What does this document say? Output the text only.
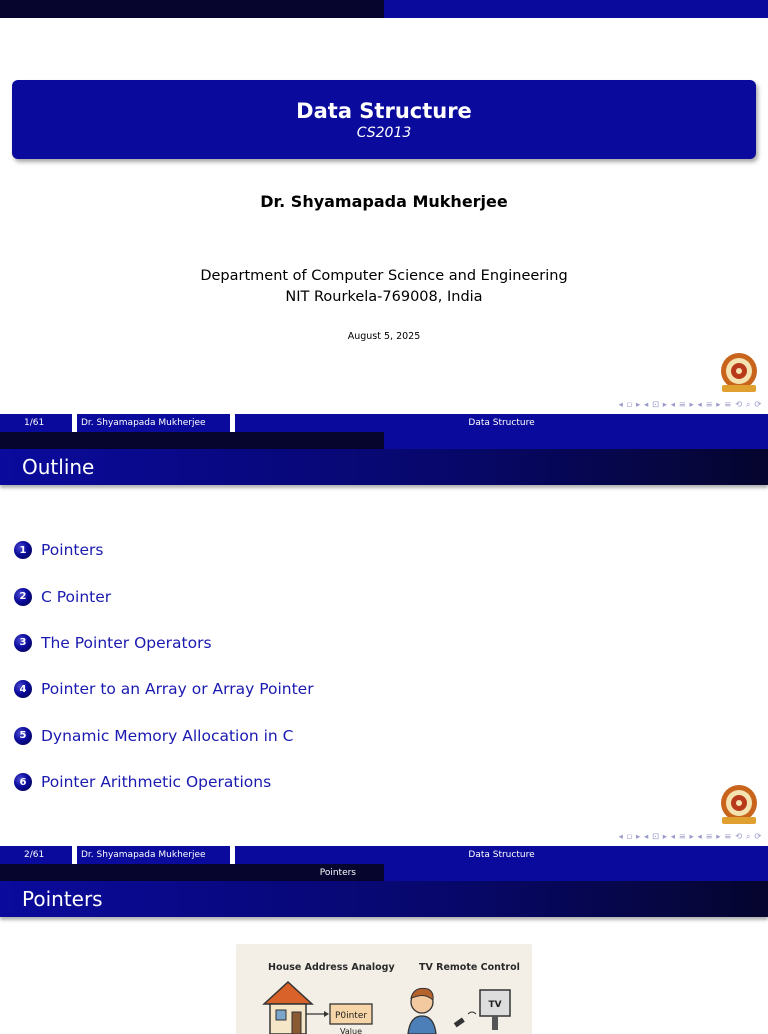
Data Structure
CS2013
Dr. Shyamapada Mukherjee
Department of Computer Science and Engineering
NIT Rourkela-769008, India
August 5, 2025
◂ ▫ ▸ ◂ ⊡ ▸ ◂ ≡ ▸ ◂ ≡ ▸ ≡ ⟲ ⌕ ⟳
1/61	Dr. Shyamapada Mukherjee	Data Structure
Outline
1 Pointers
2 C Pointer
3 The Pointer Operators
4 Pointer to an Array or Array Pointer
5 Dynamic Memory Allocation in C
6 Pointer Arithmetic Operations
◂ ▫ ▸ ◂ ⊡ ▸ ◂ ≡ ▸ ◂ ≡ ▸ ≡ ⟲ ⌕ ⟳
2/61	Dr. Shyamapada Mukherjee	Data Structure
Pointers
Pointers
House Address Analogy	TV Remote Control
P0inter
Value
TV
